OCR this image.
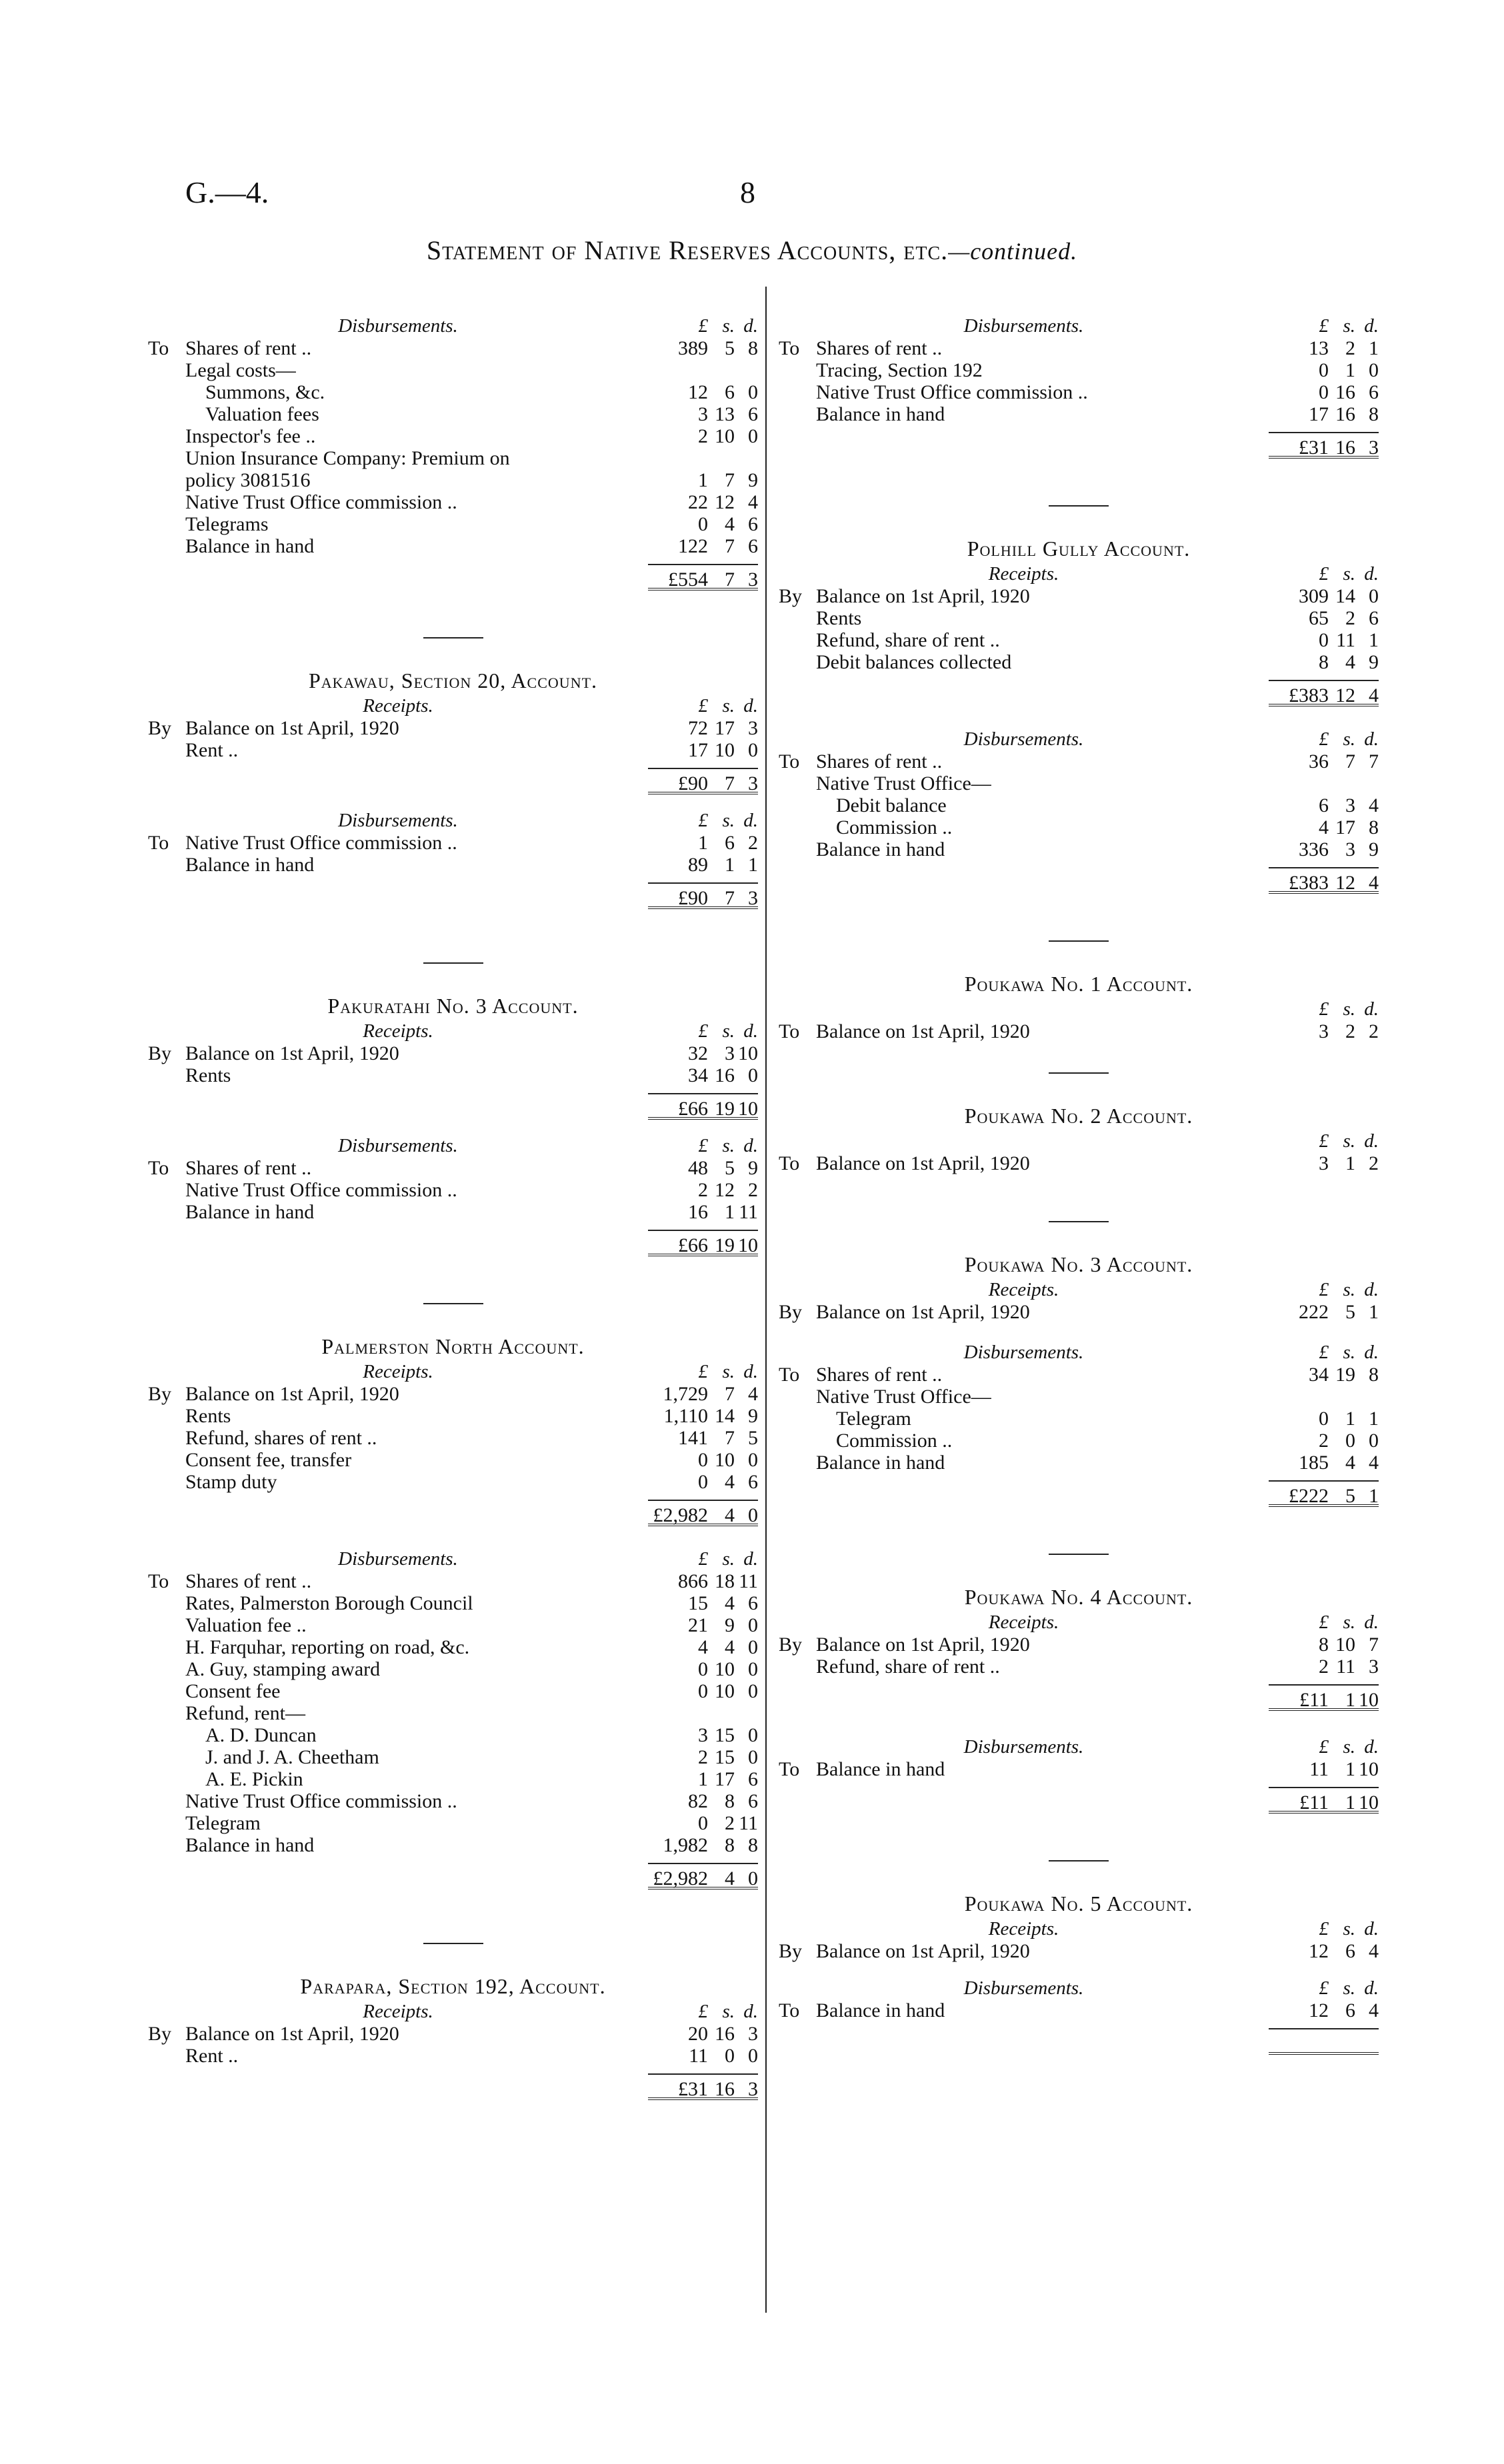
G.—4.	8
Statement of Native Reserves Accounts, etc.—continued.
Disbursements.	£ s. d.
To Shares of rent ..	389 5 8
Legal costs—
Summons, &c.	12 6 0
Valuation fees	3 13 6
Inspector's fee ..	2 10 0
Union Insurance Company: Premium on
policy 3081516	1 7 9
Native Trust Office commission ..	22 12 4
Telegrams	0 4 6
Balance in hand	122 7 6
£554 7 3
Pakawau, Section 20, Account.
Receipts.	£ s. d.
By Balance on 1st April, 1920	72 17 3
Rent ..	17 10 0
£90 7 3
Disbursements.	£ s. d.
To Native Trust Office commission ..	1 6 2
Balance in hand	89 1 1
£90 7 3
Pakuratahi No. 3 Account.
Receipts.	£ s. d.
By Balance on 1st April, 1920	32 3 10
Rents	34 16 0
£66 19 10
Disbursements.	£ s. d.
To Shares of rent ..	48 5 9
Native Trust Office commission ..	2 12 2
Balance in hand	16 1 11
£66 19 10
Palmerston North Account.
Receipts.	£ s. d.
By Balance on 1st April, 1920	1,729 7 4
Rents	1,110 14 9
Refund, shares of rent ..	141 7 5
Consent fee, transfer	0 10 0
Stamp duty	0 4 6
£2,982 4 0
Disbursements.	£ s. d.
To Shares of rent ..	866 18 11
Rates, Palmerston Borough Council	15 4 6
Valuation fee ..	21 9 0
H. Farquhar, reporting on road, &c.	4 4 0
A. Guy, stamping award	0 10 0
Consent fee	0 10 0
Refund, rent—
A. D. Duncan	3 15 0
J. and J. A. Cheetham	2 15 0
A. E. Pickin	1 17 6
Native Trust Office commission ..	82 8 6
Telegram	0 2 11
Balance in hand	1,982 8 8
£2,982 4 0
Parapara, Section 192, Account.
Receipts.	£ s. d.
By Balance on 1st April, 1920	20 16 3
Rent ..	11 0 0
£31 16 3
Disbursements.	£ s. d.
To Shares of rent ..	13 2 1
Tracing, Section 192	0 1 0
Native Trust Office commission ..	0 16 6
Balance in hand	17 16 8
£31 16 3
Polhill Gully Account.
Receipts.	£ s. d.
By Balance on 1st April, 1920	309 14 0
Rents	65 2 6
Refund, share of rent ..	0 11 1
Debit balances collected	8 4 9
£383 12 4
Disbursements.	£ s. d.
To Shares of rent ..	36 7 7
Native Trust Office—
Debit balance	6 3 4
Commission ..	4 17 8
Balance in hand	336 3 9
£383 12 4
Poukawa No. 1 Account.
£ s. d.
To Balance on 1st April, 1920	3 2 2
Poukawa No. 2 Account.
£ s. d.
To Balance on 1st April, 1920	3 1 2
Poukawa No. 3 Account.
Receipts.	£ s. d.
By Balance on 1st April, 1920	222 5 1
Disbursements.	£ s. d.
To Shares of rent ..	34 19 8
Native Trust Office—
Telegram	0 1 1
Commission ..	2 0 0
Balance in hand	185 4 4
£222 5 1
Poukawa No. 4 Account.
Receipts.	£ s. d.
By Balance on 1st April, 1920	8 10 7
Refund, share of rent ..	2 11 3
£11 1 10
Disbursements.	£ s. d.
To Balance in hand	11 1 10
£11 1 10
Poukawa No. 5 Account.
Receipts.	£ s. d.
By Balance on 1st April, 1920	12 6 4
Disbursements.	£ s. d.
To Balance in hand	12 6 4
